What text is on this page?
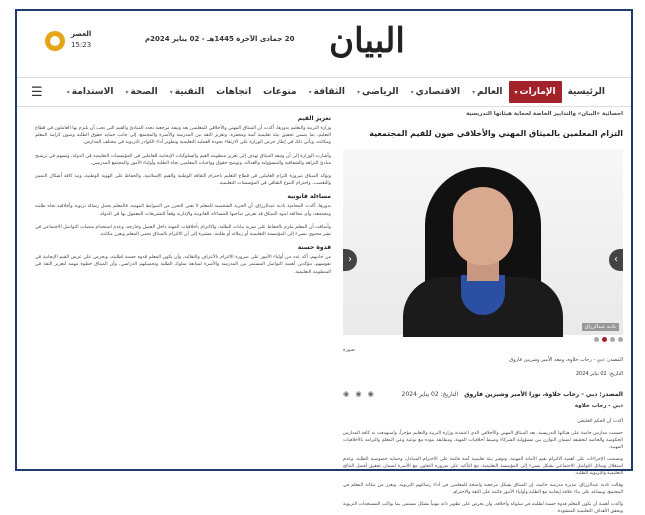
البيان
20 جمادى الآخرة 1445هـ - 02 يناير 2024م
العصر
15:23
الرئيسية
الإمارات▾
العالم▾
الاقتصادي▾
الرياضي▾
الثقافة▾
منوعات
اتجاهات
التقنية▾
الصحة▾
الاستدامة▾
☰
احصائية «البيان» والتدابير الخاصة لحماية هيئاتها التدريسية
التزام المعلمين بالميثاق المهني والأخلاقي صون للقيم المجتمعية
نادية عبدالرزاق
‹	›
صورة
المصدر: دبي - رحاب خلاوة، ومعه الأمير وشريين فاروق
التاريخ: 02 يناير 2024
المصدر: دبي - رحاب خلاوة، نورا الأمير وشيرين فاروق
التاريخ: 02 يناير 2024
◉ ◉ ◉
دبي - رحاب خلاوة

أكدت أن الحكم الخليجي

حسمت مدارس خاصة على هيئاتها التدريسية، بعد الميثاق المهني والأخلاقي الذي اعتمدته وزارة التربية والتعليم مؤخراً، واستهدفت به كافة المدارس الحكومية والخاصة لتحقيقه لضمان التوازن بين مسؤولية الشركاء وضبط أخلاقيات المهنة، ومطابقة بنوده مع نوعية وعي المعلم والتزامه بالأخلاقيات المهنية.

وتضمنت الإجراءات على أهمية الالتزام بقيم الأمانة المهنية، وتوفير بيئة تعليمية آمنة قائمة على الاحترام المتبادل، وحماية خصوصية الطلبة، وعدم استغلال وسائل التواصل الاجتماعي بشكل يسيء إلى المؤسسة التعليمية، مع التأكيد على ضرورة التعاون مع الأسرة لضمان تحقيق أفضل النتائج التعليمية والتربوية للطلبة.

وقالت نادية عبدالرزاق، مديرة مدرسة خاصة، إن الميثاق يشكل مرجعية واضحة للمعلمين في أداء رسالتهم التربوية، ويعزز من مكانة المعلم في المجتمع، ويساعد على بناء علاقة إيجابية مع الطلبة وأولياء الأمور قائمة على الثقة والاحترام.

وأكدت أهمية أن يكون المعلم قدوة حسنة لطلبته في سلوكه وأخلاقه، وأن يحرص على تطوير ذاته مهنياً بشكل مستمر، بما يواكب المستجدات التربوية ويحقق الأهداف التعليمية المنشودة.

تعزيز القيم

وزارة التربية والتعليم بدورها، أكدت أن الميثاق المهني والأخلاقي للمعلمين يعد وثيقة مرجعية تحدد المبادئ والقيم التي يجب أن يلتزم بها العاملون في قطاع التعليم، بما يضمن تحقيق بيئة تعليمية آمنة ومحفزة، وتعزيز الثقة بين المدرسة والأسرة والمجتمع، إلى جانب حماية حقوق الطلبة وصون كرامة المعلم ومكانته، ويأتي ذلك في إطار حرص الوزارة على الارتقاء بجودة العملية التعليمية وتطوير أداء الكوادر التربوية في مختلف المدارس.

وأشارت الوزارة إلى أن وثيقة الميثاق تهدف إلى تعزيز منظومة القيم والسلوكيات الإيجابية للعاملين في المؤسسات التعليمية في الدولة، وتسهم في ترسيخ مبادئ النزاهة والشفافية والمسؤولية والعدالة، وتوضح حقوق وواجبات المعلمين تجاه الطلبة وأولياء الأمور والمجتمع المدرسي.

ويؤكد الميثاق ضرورة التزام العاملين في قطاع التعليم باحترام الثقافة الوطنية والقيم الإسلامية، والحفاظ على الهوية الوطنية، ونبذ كافة أشكال التمييز والتعصب، واحترام التنوع الثقافي في المؤسسات التعليمية.

مساءلة قانونية

بدورها، أكدت المحامية نادية عبدالرزاق، أن الحرية الشخصية للمعلم لا تعني التحرر من الضوابط المهنية، فالمعلم يحمل رسالة تربوية وأخلاقية تجاه طلبته ومجتمعه، وأي مخالفة لبنود الميثاق قد تعرض صاحبها للمساءلة القانونية والإدارية وفقاً للتشريعات المعمول بها في الدولة.

وأضافت أن المعلم ملزم بالحفاظ على سرية بيانات الطلبة، والالتزام بأخلاقيات المهنة داخل الفصل وخارجه، وعدم استخدام منصات التواصل الاجتماعي في نشر محتوى يسيء إلى المؤسسة التعليمية أو زملائه أو طلبته، مشيرة إلى أن الالتزام بالميثاق يحمي المعلم ويعزز مكانته.

قدوة حسنة

من جانبهم، أكد عدد من أولياء الأمور على ضرورة الالتزام بالأعراف والتقاليد، وأن يكون المعلم قدوة حسنة لطلبته، ويحرص على غرس القيم الإيجابية في نفوسهم، مؤكدين أهمية التواصل المستمر بين المدرسة والأسرة لمتابعة سلوك الطلبة وتحصيلهم الدراسي، وأن الميثاق خطوة مهمة لتعزيز الثقة في المنظومة التعليمية.
